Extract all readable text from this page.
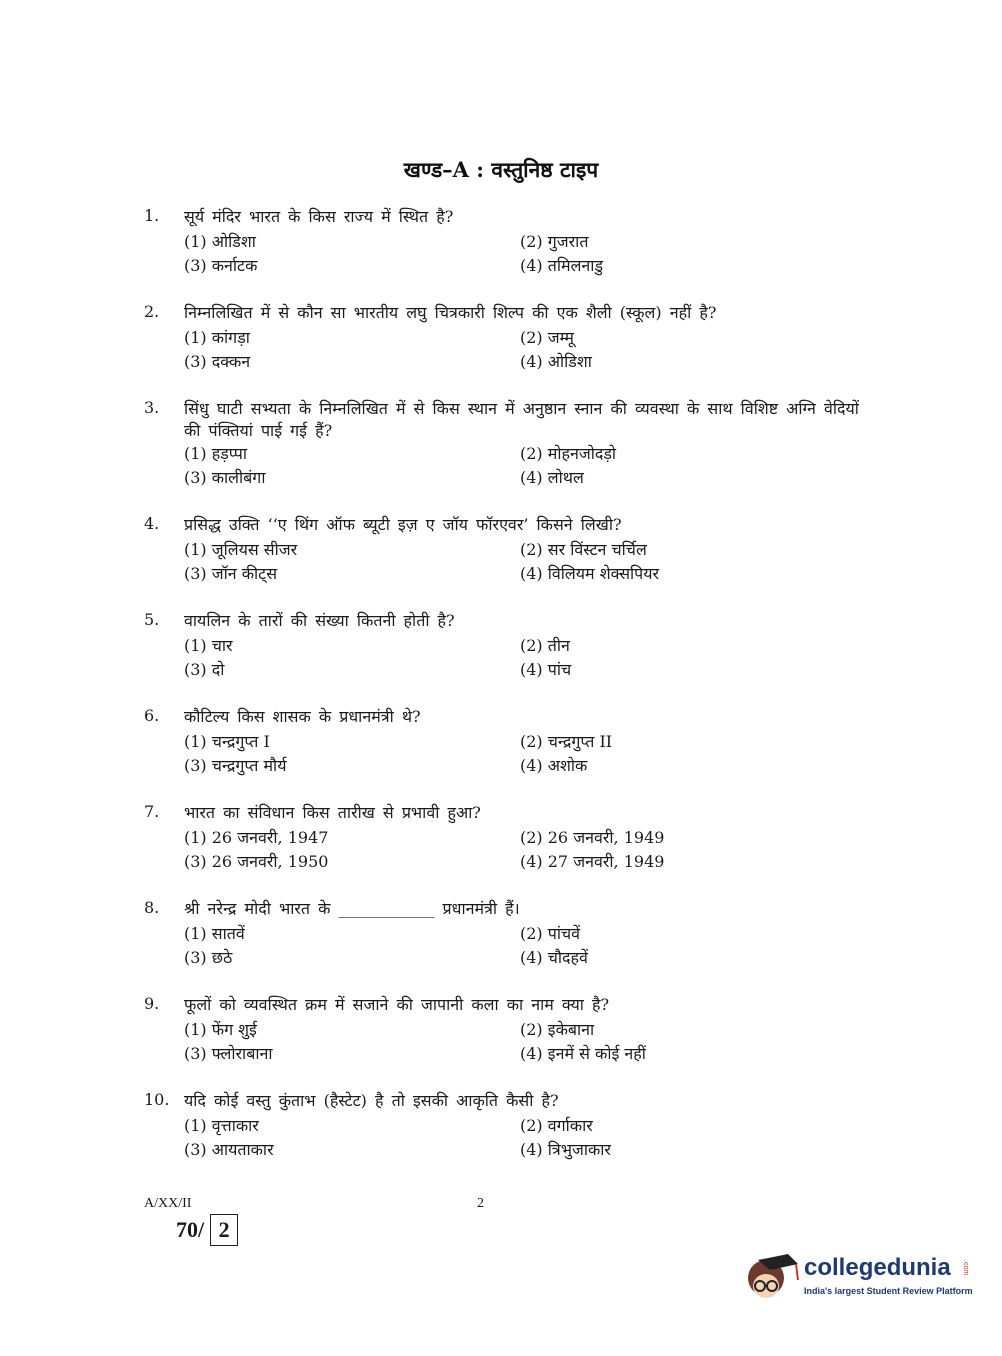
खण्ड–A : वस्तुनिष्ठ टाइप
1. सूर्य मंदिर भारत के किस राज्य में स्थित है?
(1) ओडिशा	(2) गुजरात
(3) कर्नाटक	(4) तमिलनाडु
2. निम्नलिखित में से कौन सा भारतीय लघु चित्रकारी शिल्प की एक शैली (स्कूल) नहीं है?
(1) कांगड़ा	(2) जम्मू
(3) दक्कन	(4) ओडिशा
3. सिंधु घाटी सभ्यता के निम्नलिखित में से किस स्थान में अनुष्ठान स्नान की व्यवस्था के साथ विशिष्ट अग्नि वेदियों की पंक्तियां पाई गई हैं?
(1) हड़प्पा	(2) मोहनजोदड़ो
(3) कालीबंगा	(4) लोथल
4. प्रसिद्ध उक्ति ‘‘ए थिंग ऑफ ब्यूटी इज़ ए जॉय फॉरएवर’ किसने लिखी?
(1) जूलियस सीजर	(2) सर विंस्टन चर्चिल
(3) जॉन कीट्स	(4) विलियम शेक्सपियर
5. वायलिन के तारों की संख्या कितनी होती है?
(1) चार	(2) तीन
(3) दो	(4) पांच
6. कौटिल्य किस शासक के प्रधानमंत्री थे?
(1) चन्द्रगुप्त I	(2) चन्द्रगुप्त II
(3) चन्द्रगुप्त मौर्य	(4) अशोक
7. भारत का संविधान किस तारीख से प्रभावी हुआ?
(1) 26 जनवरी, 1947	(2) 26 जनवरी, 1949
(3) 26 जनवरी, 1950	(4) 27 जनवरी, 1949
8. श्री नरेन्द्र मोदी भारत के ____________ प्रधानमंत्री हैं।
(1) सातवें	(2) पांचवें
(3) छठे	(4) चौदहवें
9. फूलों को व्यवस्थित क्रम में सजाने की जापानी कला का नाम क्या है?
(1) फेंग शुई	(2) इकेबाना
(3) फ्लोराबाना	(4) इनमें से कोई नहीं
10. यदि कोई वस्तु कुंताभ (हैस्टेट) है तो इसकी आकृति कैसी है?
(1) वृत्ताकार	(2) वर्गाकार
(3) आयताकार	(4) त्रिभुजाकार
A/XX/II	2
70/ 2
collegedunia
India's largest Student Review Platform
.com
